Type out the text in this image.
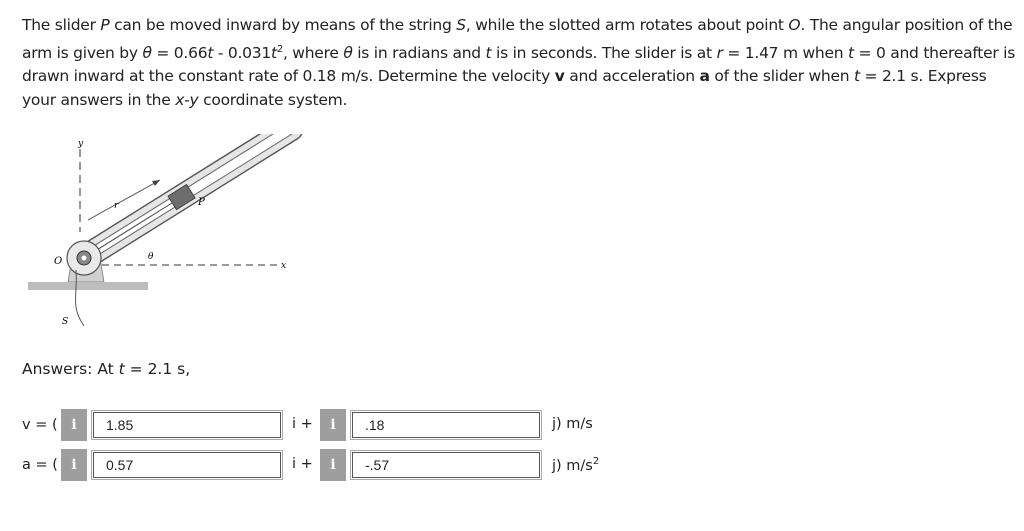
The slider P can be moved inward by means of the string S, while the slotted arm rotates about point O. The angular position of the arm is given by $\theta = 0.66t - 0.031t^2$, where θ is in radians and t is in seconds. The slider is at r = 1.47 m when t = 0 and thereafter is drawn inward at the constant rate of 0.18 m/s. Determine the velocity v and acceleration a of the slider when t = 2.1 s. Express your answers in the x-y coordinate system.
y
r	P
O	x
θ
S
Answers: At t = 2.1 s,
v = ( i	1.85	i +	i	.18	j) m/s
a = ( i	0.57	i +	i	-.57	j) $m/s^2$
